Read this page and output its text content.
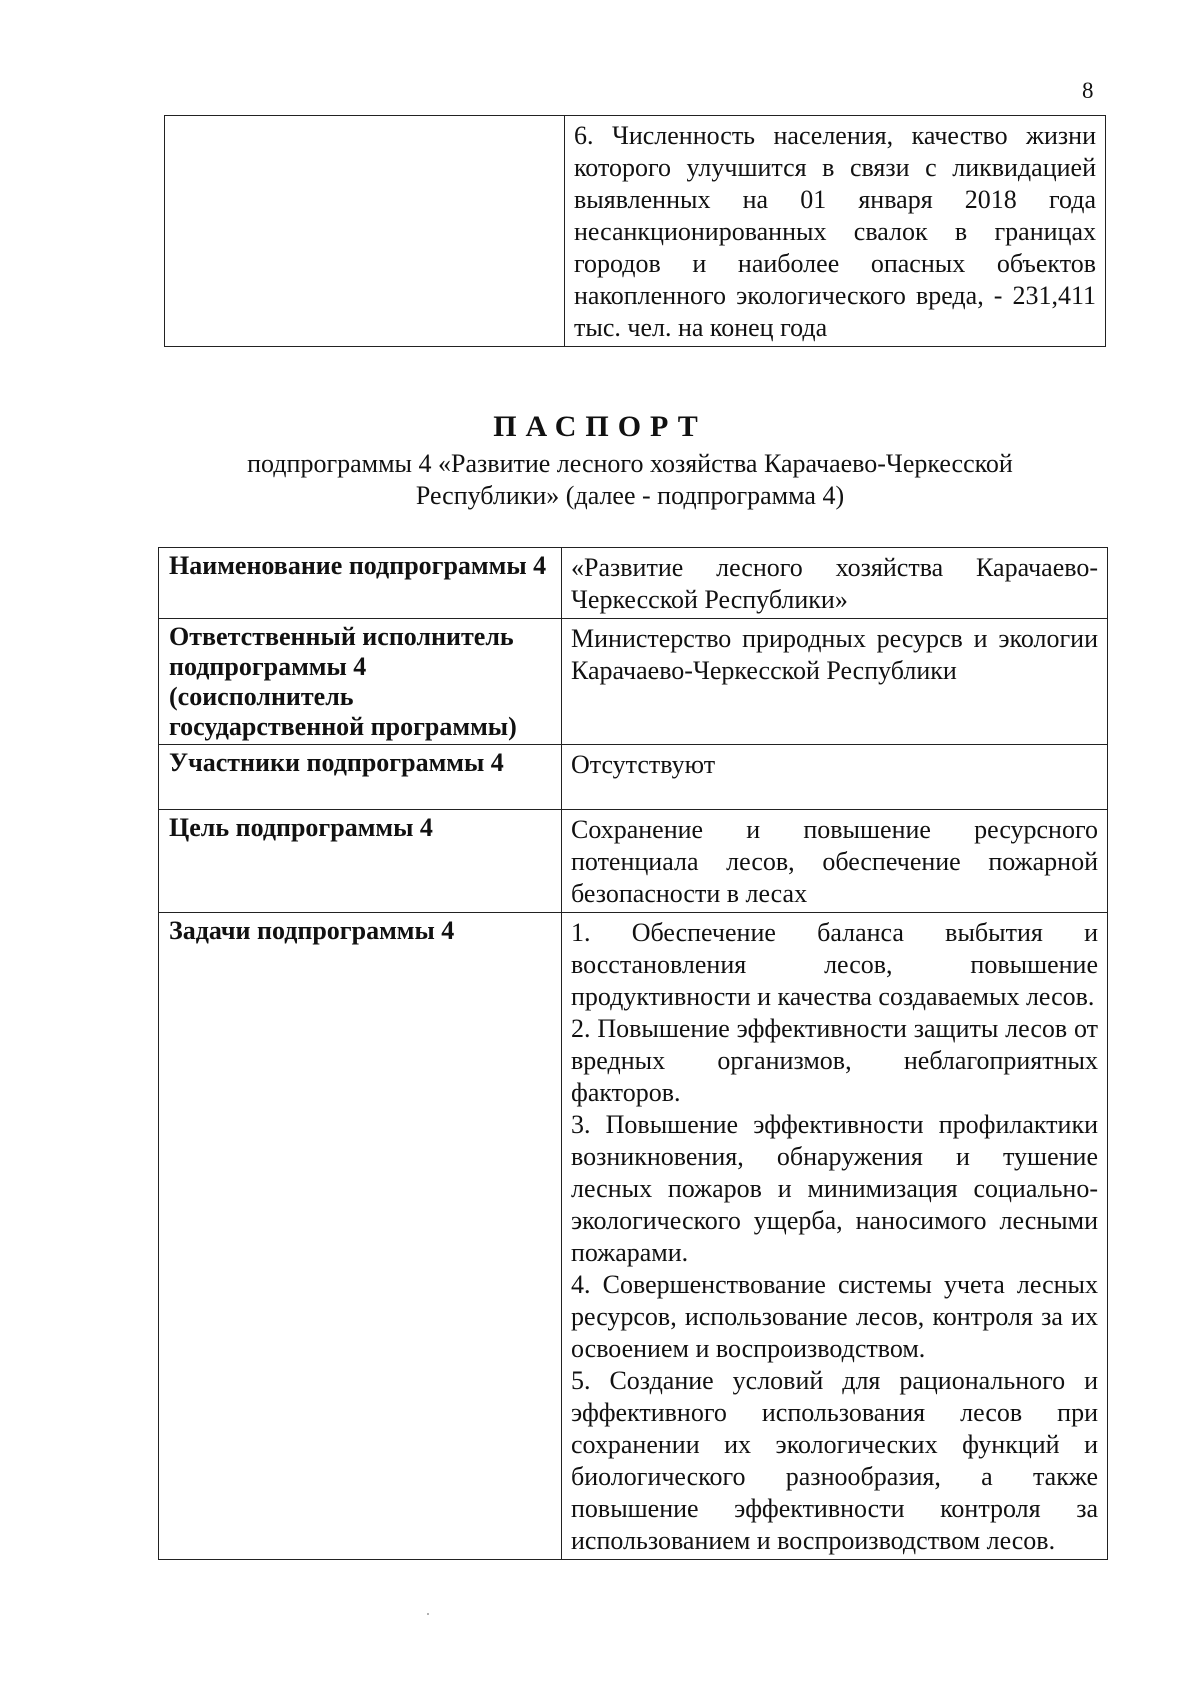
8

6. Численность населения, качество жизни которого улучшится в связи с ликвидацией выявленных на 01 января 2018 года несанкционированных свалок в границах городов и наиболее опасных объектов накопленного экологического вреда, - 231,411 тыс. чел. на конец года
ПАСПОРТ
подпрограммы 4 «Развитие лесного хозяйства Карачаево-Черкесской Республики» (далее - подпрограмма 4)
Наименование подпрограммы 4	«Развитие лесного хозяйства Карачаево-Черкесской Республики»

Ответственный исполнитель подпрограммы 4 (соисполнитель государственной программы)	Министерство природных ресурсв и экологии Карачаево-Черкесской Республики

Участники подпрограммы 4	Отсутствуют

Цель подпрограммы 4	Сохранение и повышение ресурсного потенциала лесов, обеспечение пожарной безопасности в лесах

Задачи подпрограммы 4	1. Обеспечение баланса выбытия и восстановления лесов, повышение продуктивности и качества создаваемых лесов.

2. Повышение эффективности защиты лесов от вредных организмов, неблагоприятных факторов.

3. Повышение эффективности профилактики возникновения, обнаружения и тушение лесных пожаров и минимизация социально-экологического ущерба, наносимого лесными пожарами.

4. Совершенствование системы учета лесных ресурсов, использование лесов, контроля за их освоением и воспроизводством.

5. Создание условий для рационального и эффективного использования лесов при сохранении их экологических функций и биологического разнообразия, а также повышение эффективности контроля за использованием и воспроизводством лесов.
